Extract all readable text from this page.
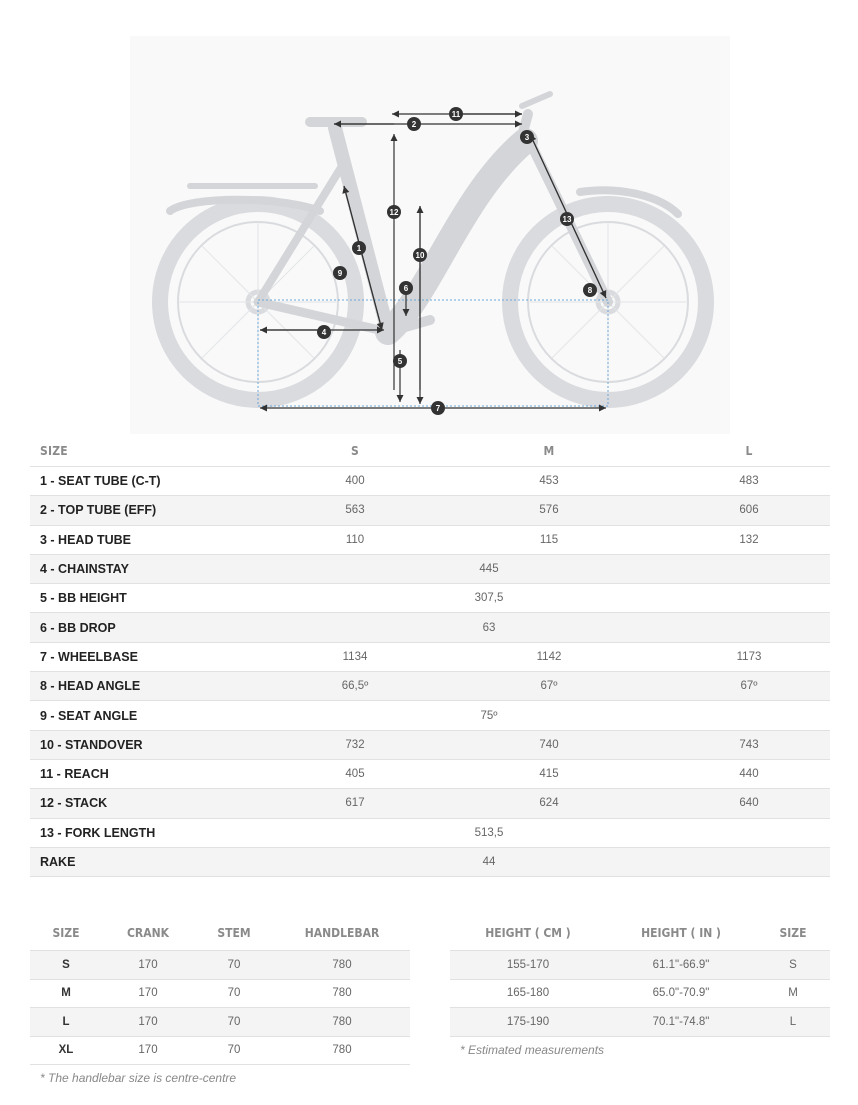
1
2
3
4
5
6
7
8
9
10
11
12
13
SIZE	S	M	L
1 - SEAT TUBE (C-T)	400	453	483
2 - TOP TUBE (EFF)	563	576	606
3 - HEAD TUBE	110	115	132
4 - CHAINSTAY	445		
5 - BB HEIGHT	307,5		
6 - BB DROP	63		
7 - WHEELBASE	1134	1142	1173
8 - HEAD ANGLE	66,5º	67º	67º
9 - SEAT ANGLE	75º		
10 - STANDOVER	732	740	743
11 - REACH	405	415	440
12 - STACK	617	624	640
13 - FORK LENGTH	513,5		
RAKE	44		
SIZE	CRANK	STEM	HANDLEBAR
S	170	70	780
M	170	70	780
L	170	70	780
XL	170	70	780
* The handlebar size is centre-centre
HEIGHT ( CM )	HEIGHT ( IN )	SIZE
155-170	61.1"-66.9"	S
165-180	65.0"-70.9"	M
175-190	70.1"-74.8"	L
* Estimated measurements
